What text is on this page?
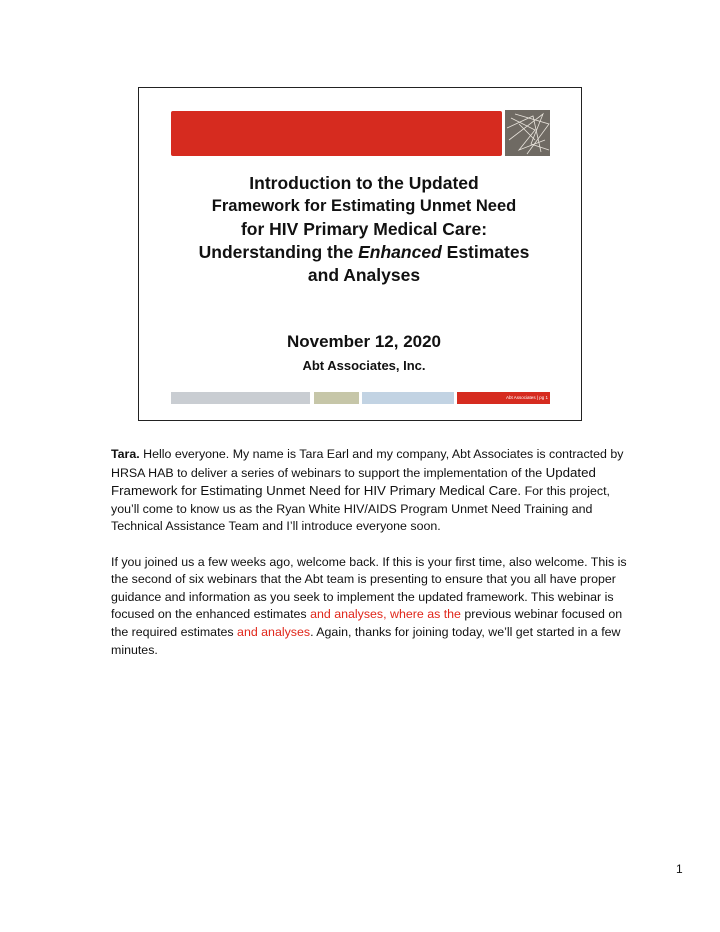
Introduction to the Updated
Framework for Estimating Unmet Need
for HIV Primary Medical Care:
Understanding the Enhanced Estimates
and Analyses
November 12, 2020
Abt Associates, Inc.
Abt Associates | pg 1

Tara. Hello everyone. My name is Tara Earl and my company, Abt Associates is contracted by HRSA HAB to deliver a series of webinars to support the implementation of the Updated Framework for Estimating Unmet Need for HIV Primary Medical Care. For this project, you’ll come to know us as the Ryan White HIV/AIDS Program Unmet Need Training and Technical Assistance Team and I’ll introduce everyone soon.

If you joined us a few weeks ago, welcome back. If this is your first time, also welcome. This is the second of six webinars that the Abt team is presenting to ensure that you all have proper guidance and information as you seek to implement the updated framework. This webinar is focused on the enhanced estimates and analyses, where as the previous webinar focused on the required estimates and analyses. Again, thanks for joining today, we’ll get started in a few minutes.

1
